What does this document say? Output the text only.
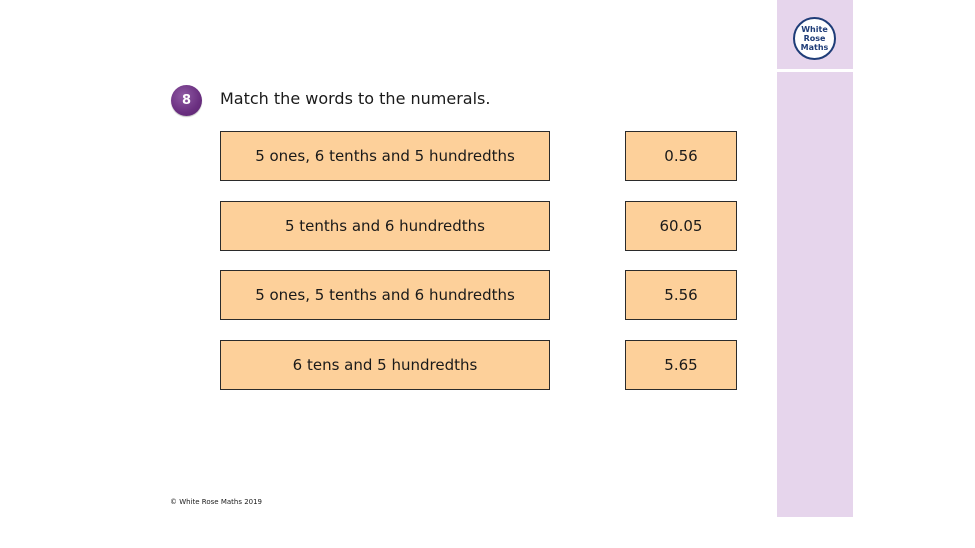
White
Rose
Maths
8	Match the words to the numerals.
5 ones, 6 tenths and 5 hundredths
5 tenths and 6 hundredths
5 ones, 5 tenths and 6 hundredths
6 tens and 5 hundredths
0.56
60.05
5.56
5.65
© White Rose Maths 2019
